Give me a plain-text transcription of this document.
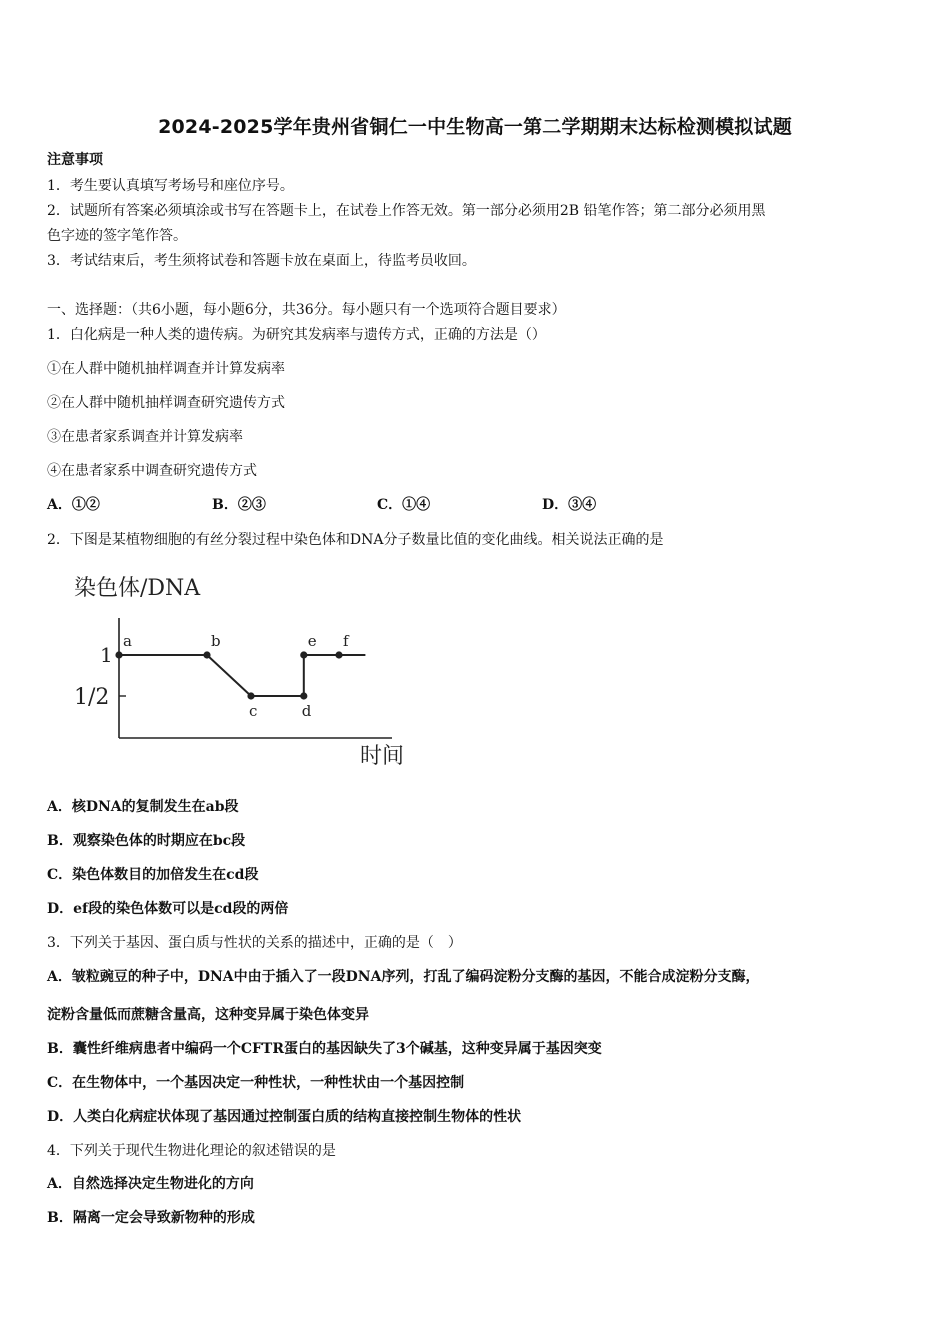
2024-2025学年贵州省铜仁一中生物高一第二学期期末达标检测模拟试题
注意事项
1．考生要认真填写考场号和座位序号。
2．试题所有答案必须填涂或书写在答题卡上，在试卷上作答无效。第一部分必须用2B 铅笔作答；第二部分必须用黑
色字迹的签字笔作答。
3．考试结束后，考生须将试卷和答题卡放在桌面上，待监考员收回。
一、选择题：（共6小题，每小题6分，共36分。每小题只有一个选项符合题目要求）
1．白化病是一种人类的遗传病。为研究其发病率与遗传方式，正确的方法是（）
①在人群中随机抽样调查并计算发病率
②在人群中随机抽样调查研究遗传方式
③在患者家系调查并计算发病率
④在患者家系中调查研究遗传方式
A．①②	B．②③	C．①④	D．③④
2．下图是某植物细胞的有丝分裂过程中染色体和DNA分子数量比值的变化曲线。相关说法正确的是
染色体/DNA
1
1/2
a	b
c	d
e f
时间
A．核DNA的复制发生在ab段
B．观察染色体的时期应在bc段
C．染色体数目的加倍发生在cd段
D．ef段的染色体数可以是cd段的两倍
3．下列关于基因、蛋白质与性状的关系的描述中，正确的是（　）
A．皱粒豌豆的种子中，DNA中由于插入了一段DNA序列，打乱了编码淀粉分支酶的基因，不能合成淀粉分支酶，
淀粉含量低而蔗糖含量高，这种变异属于染色体变异
B．囊性纤维病患者中编码一个CFTR蛋白的基因缺失了3个碱基，这种变异属于基因突变
C．在生物体中，一个基因决定一种性状，一种性状由一个基因控制
D．人类白化病症状体现了基因通过控制蛋白质的结构直接控制生物体的性状
4．下列关于现代生物进化理论的叙述错误的是
A．自然选择决定生物进化的方向
B．隔离一定会导致新物种的形成
